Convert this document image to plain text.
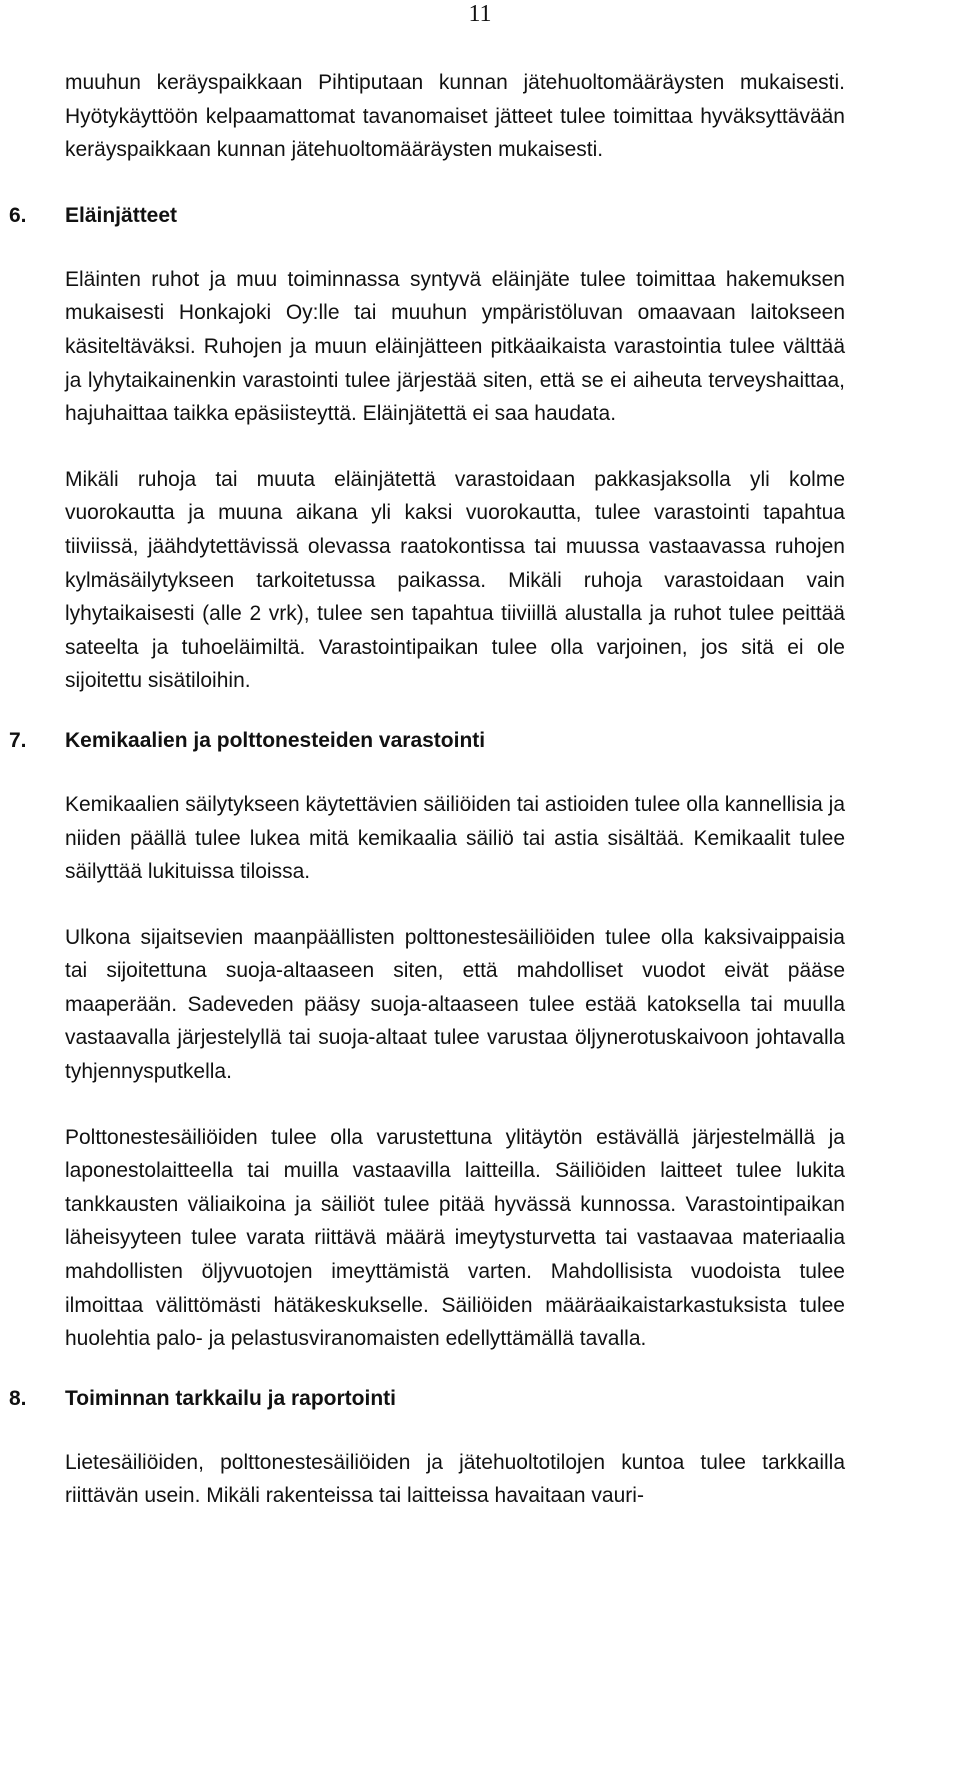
11

muuhun keräyspaikkaan Pihtiputaan kunnan jätehuoltomääräysten mukaisesti. Hyötykäyttöön kelpaamattomat tavanomaiset jätteet tulee toimittaa hyväksyttävään keräyspaikkaan kunnan jätehuoltomääräysten mukaisesti.

6.	Eläinjätteet

Eläinten ruhot ja muu toiminnassa syntyvä eläinjäte tulee toimittaa hakemuksen mukaisesti Honkajoki Oy:lle tai muuhun ympäristöluvan omaavaan laitokseen käsiteltäväksi. Ruhojen ja muun eläinjätteen pitkäaikaista varastointia tulee välttää ja lyhytaikainenkin varastointi tulee järjestää siten, että se ei aiheuta terveyshaittaa, hajuhaittaa taikka epäsiisteyttä. Eläinjätettä ei saa haudata.

Mikäli ruhoja tai muuta eläinjätettä varastoidaan pakkasjaksolla yli kolme vuorokautta ja muuna aikana yli kaksi vuorokautta, tulee varastointi tapahtua tiiviissä, jäähdytettävissä olevassa raatokontissa tai muussa vastaavassa ruhojen kylmäsäilytykseen tarkoitetussa paikassa. Mikäli ruhoja varastoidaan vain lyhytaikaisesti (alle 2 vrk), tulee sen tapahtua tiiviillä alustalla ja ruhot tulee peittää sateelta ja tuhoeläimiltä. Varastointipaikan tulee olla varjoinen, jos sitä ei ole sijoitettu sisätiloihin.

7.	Kemikaalien ja polttonesteiden varastointi

Kemikaalien säilytykseen käytettävien säiliöiden tai astioiden tulee olla kannellisia ja niiden päällä tulee lukea mitä kemikaalia säiliö tai astia sisältää. Kemikaalit tulee säilyttää lukituissa tiloissa.

Ulkona sijaitsevien maanpäällisten polttonestesäiliöiden tulee olla kaksivaippaisia tai sijoitettuna suoja-altaaseen siten, että mahdolliset vuodot eivät pääse maaperään. Sadeveden pääsy suoja-altaaseen tulee estää katoksella tai muulla vastaavalla järjestelyllä tai suoja-altaat tulee varustaa öljynerotuskaivoon johtavalla tyhjennysputkella.

Polttonestesäiliöiden tulee olla varustettuna ylitäytön estävällä järjestelmällä ja laponestolaitteella tai muilla vastaavilla laitteilla. Säiliöiden laitteet tulee lukita tankkausten väliaikoina ja säiliöt tulee pitää hyvässä kunnossa. Varastointipaikan läheisyyteen tulee varata riittävä määrä imeytysturvetta tai vastaavaa materiaalia mahdollisten öljyvuotojen imeyttämistä varten. Mahdollisista vuodoista tulee ilmoittaa välittömästi hätäkeskukselle. Säiliöiden määräaikaistarkastuksista tulee huolehtia palo- ja pelastusviranomaisten edellyttämällä tavalla.

8.	Toiminnan tarkkailu ja raportointi

Lietesäiliöiden, polttonestesäiliöiden ja jätehuoltotilojen kuntoa tulee tarkkailla riittävän usein. Mikäli rakenteissa tai laitteissa havaitaan vauri-
